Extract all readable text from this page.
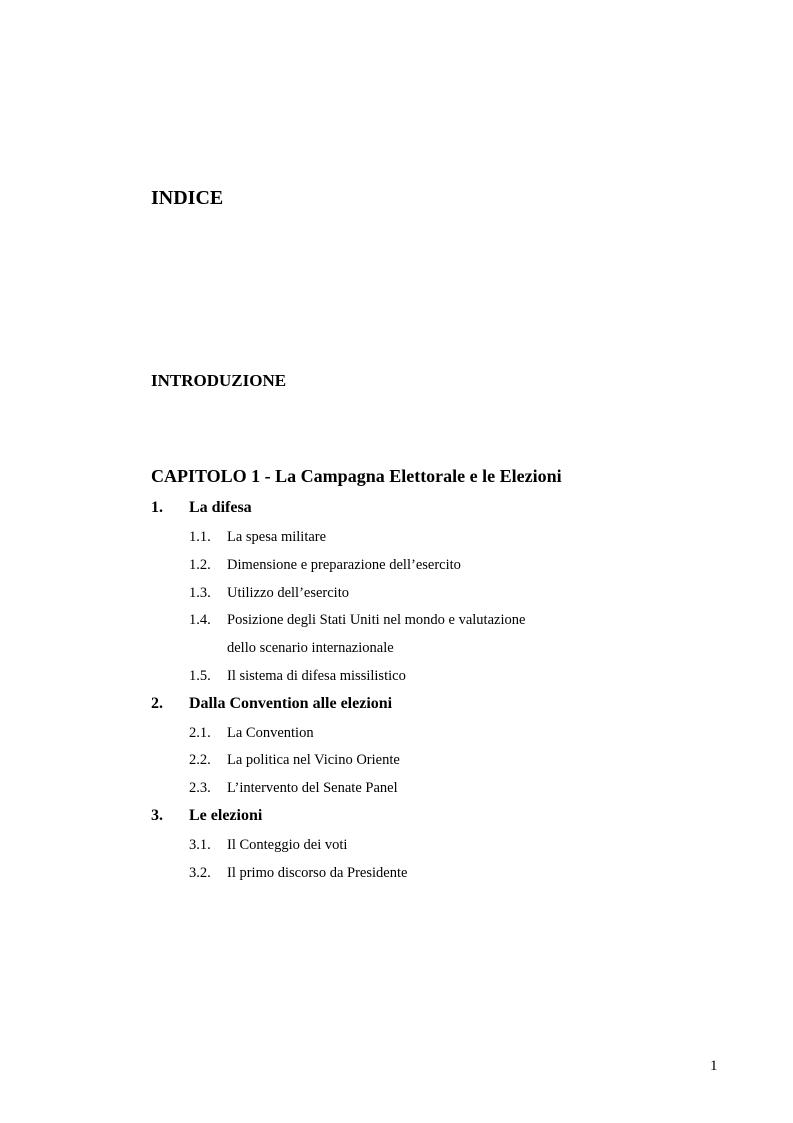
INDICE
INTRODUZIONE
CAPITOLO 1 - La Campagna Elettorale e le Elezioni
1. La difesa
1.1. La spesa militare
1.2. Dimensione e preparazione dell’esercito
1.3. Utilizzo dell’esercito
1.4. Posizione degli Stati Uniti nel mondo e valutazione
dello scenario internazionale
1.5. Il sistema di difesa missilistico
2. Dalla Convention alle elezioni
2.1. La Convention
2.2. La politica nel Vicino Oriente
2.3. L’intervento del Senate Panel
3. Le elezioni
3.1. Il Conteggio dei voti
3.2. Il primo discorso da Presidente
1
